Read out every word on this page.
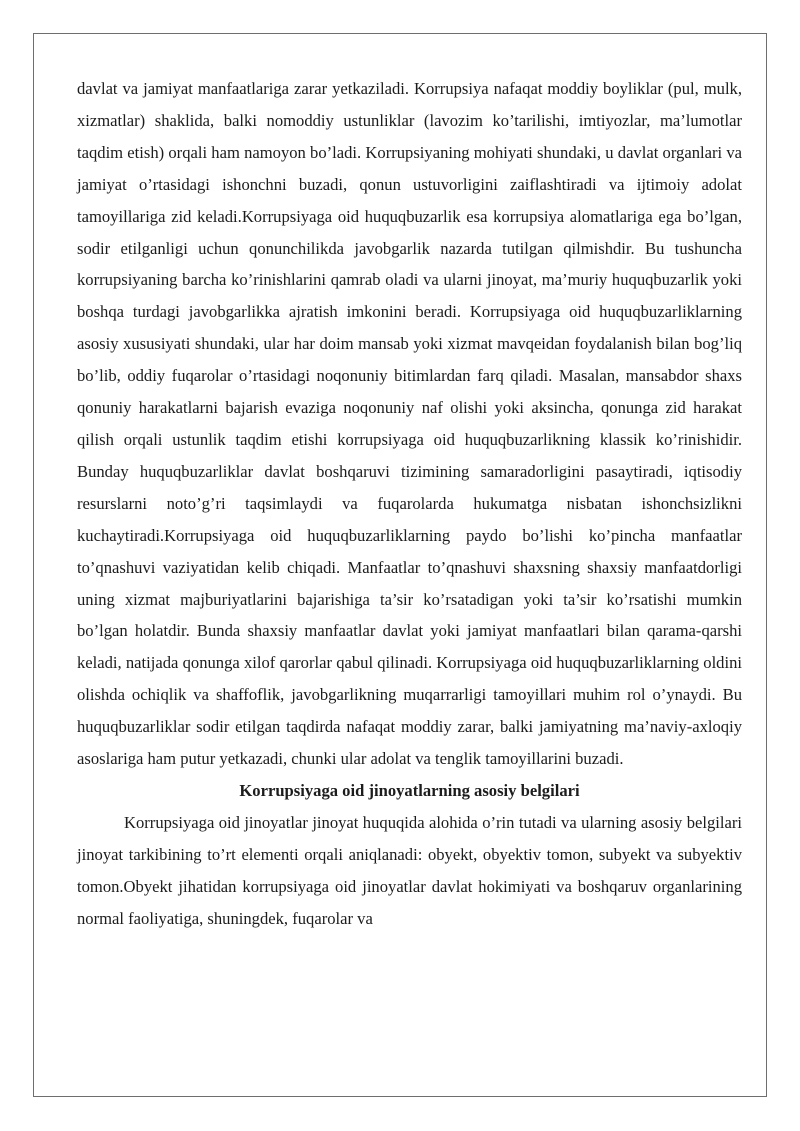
davlat va jamiyat manfaatlariga zarar yetkaziladi. Korrupsiya nafaqat moddiy boyliklar (pul, mulk, xizmatlar) shaklida, balki nomoddiy ustunliklar (lavozim ko’tarilishi, imtiyozlar, ma’lumotlar taqdim etish) orqali ham namoyon bo’ladi. Korrupsiyaning mohiyati shundaki, u davlat organlari va jamiyat o’rtasidagi ishonchni buzadi, qonun ustuvorligini zaiflashtiradi va ijtimoiy adolat tamoyillariga zid keladi.Korrupsiyaga oid huquqbuzarlik esa korrupsiya alomatlariga ega bo’lgan, sodir etilganligi uchun qonunchilikda javobgarlik nazarda tutilgan qilmishdir. Bu tushuncha korrupsiyaning barcha ko’rinishlarini qamrab oladi va ularni jinoyat, ma’muriy huquqbuzarlik yoki boshqa turdagi javobgarlikka ajratish imkonini beradi. Korrupsiyaga oid huquqbuzarliklarning asosiy xususiyati shundaki, ular har doim mansab yoki xizmat mavqeidan foydalanish bilan bog’liq bo’lib, oddiy fuqarolar o’rtasidagi noqonuniy bitimlardan farq qiladi. Masalan, mansabdor shaxs qonuniy harakatlarni bajarish evaziga noqonuniy naf olishi yoki aksincha, qonunga zid harakat qilish orqali ustunlik taqdim etishi korrupsiyaga oid huquqbuzarlikning klassik ko’rinishidir. Bunday huquqbuzarliklar davlat boshqaruvi tizimining samaradorligini pasaytiradi, iqtisodiy resurslarni noto’g’ri taqsimlaydi va fuqarolarda hukumatga nisbatan ishonchsizlikni kuchaytiradi.Korrupsiyaga oid huquqbuzarliklarning paydo bo’lishi ko’pincha manfaatlar to’qnashuvi vaziyatidan kelib chiqadi. Manfaatlar to’qnashuvi shaxsning shaxsiy manfaatdorligi uning xizmat majburiyatlarini bajarishiga ta’sir ko’rsatadigan yoki ta’sir ko’rsatishi mumkin bo’lgan holatdir. Bunda shaxsiy manfaatlar davlat yoki jamiyat manfaatlari bilan qarama-qarshi keladi, natijada qonunga xilof qarorlar qabul qilinadi. Korrupsiyaga oid huquqbuzarliklarning oldini olishda ochiqlik va shaffoflik, javobgarlikning muqarrarligi tamoyillari muhim rol o’ynaydi. Bu huquqbuzarliklar sodir etilgan taqdirda nafaqat moddiy zarar, balki jamiyatning ma’naviy-axloqiy asoslariga ham putur yetkazadi, chunki ular adolat va tenglik tamoyillarini buzadi.

Korrupsiyaga oid jinoyatlarning asosiy belgilari

Korrupsiyaga oid jinoyatlar jinoyat huquqida alohida o’rin tutadi va ularning asosiy belgilari jinoyat tarkibining to’rt elementi orqali aniqlanadi: obyekt, obyektiv tomon, subyekt va subyektiv tomon.Obyekt jihatidan korrupsiyaga oid jinoyatlar davlat hokimiyati va boshqaruv organlarining normal faoliyatiga, shuningdek, fuqarolar va
